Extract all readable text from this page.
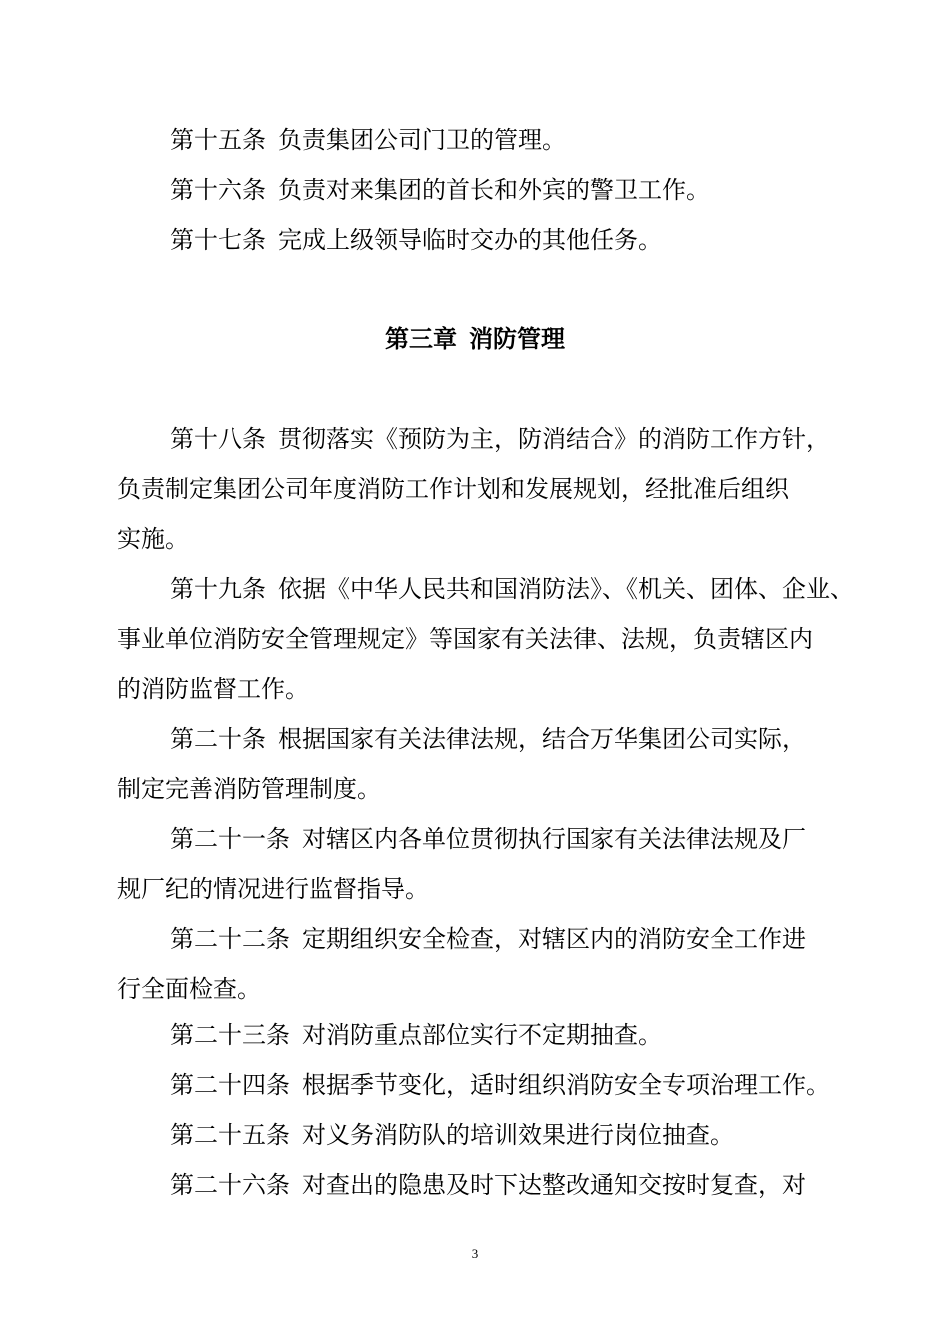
第十五条 负责集团公司门卫的管理。
第十六条 负责对来集团的首长和外宾的警卫工作。
第十七条 完成上级领导临时交办的其他任务。
第三章 消防管理
第十八条 贯彻落实《预防为主，防消结合》的消防工作方针，
负责制定集团公司年度消防工作计划和发展规划，经批准后组织
实施。
第十九条 依据《中华人民共和国消防法》、《机关、团体、企业、
事业单位消防安全管理规定》等国家有关法律、法规，负责辖区内
的消防监督工作。
第二十条 根据国家有关法律法规，结合万华集团公司实际，
制定完善消防管理制度。
第二十一条 对辖区内各单位贯彻执行国家有关法律法规及厂
规厂纪的情况进行监督指导。
第二十二条 定期组织安全检查，对辖区内的消防安全工作进
行全面检查。
第二十三条 对消防重点部位实行不定期抽查。
第二十四条 根据季节变化，适时组织消防安全专项治理工作。
第二十五条 对义务消防队的培训效果进行岗位抽查。
第二十六条 对查出的隐患及时下达整改通知交按时复查，对
3
